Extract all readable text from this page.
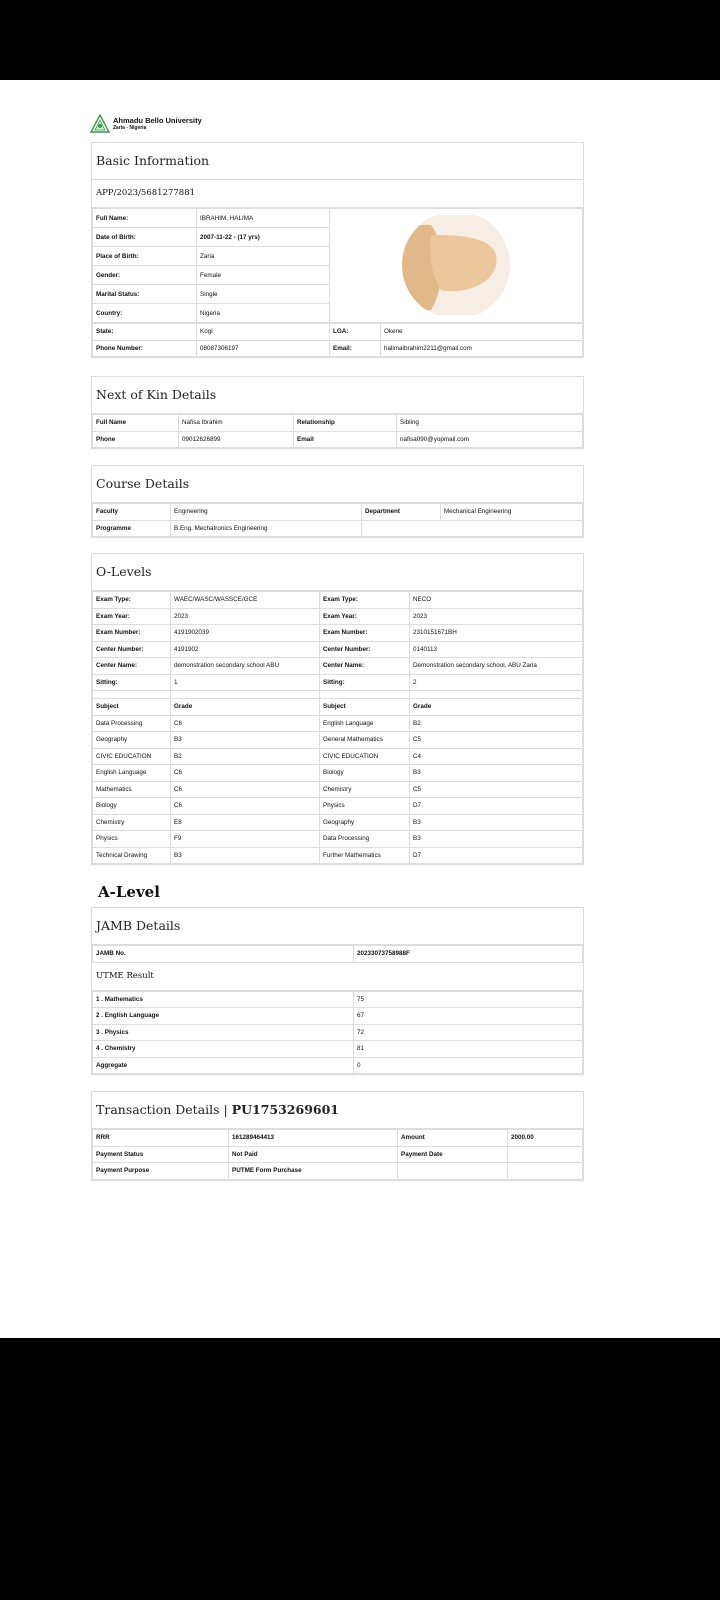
Ahmadu Bello University
Zaria - Nigeria
Basic Information
APP/2023/5681277881
Full Name:	IBRAHIM, HALIMA	
Date of Birth:	2007-11-22 - (17 yrs)	
Place of Birth:	Zaria	
Gender:	Female	
Marital Status:	Single	
Country:	Nigeria	
State:	Kogi	LGA:	Okene
Phone Number:	08087306197	Email:	halimaibrahim2211@gmail.com
Next of Kin Details
Full Name	Nafisa Ibrahim	Relationship	Sibling
Phone	09012626899	Email	nafisa090@yopmail.com
Course Details
Faculty	Engineering	Department	Mechanical Engineering
Programme	B.Eng. Mechatronics Engineering		
O-Levels
Exam Type:	WAEC/WASC/WASSCE/GCE	Exam Type:	NECO
Exam Year:	2023	Exam Year:	2023
Exam Number:	4191902039	Exam Number:	2310151671BH
Center Number:	4191902	Center Number:	0140113
Center Name:	demonstration secondary school ABU	Center Name:	Demonstration secondary school, ABU Zaria
Sitting:	1	Sitting:	2

Subject	Grade	Subject	Grade
Data Processing	C6	English Language	B2
Geography	B3	General Mathematics	C5
CIVIC EDUCATION	B2	CIVIC EDUCATION	C4
English Language	C6	Biology	B3
Mathematics	C6	Chemistry	C5
Biology	C6	Physics	D7
Chemistry	E8	Geography	B3
Physics	F9	Data Processing	B3
Technical Drawing	B3	Further Mathematics	D7
A-Level
JAMB Details
JAMB No.	20233073758988F
UTME Result
1 . Mathematics	75
2 . English Language	67
3 . Physics	72
4 . Chemistry	81
Aggregate	0
Transaction Details | PU1753269601
RRR	161289464413	Amount	2000.00
Payment Status	Not Paid	Payment Date	
Payment Purpose	PUTME Form Purchase		
